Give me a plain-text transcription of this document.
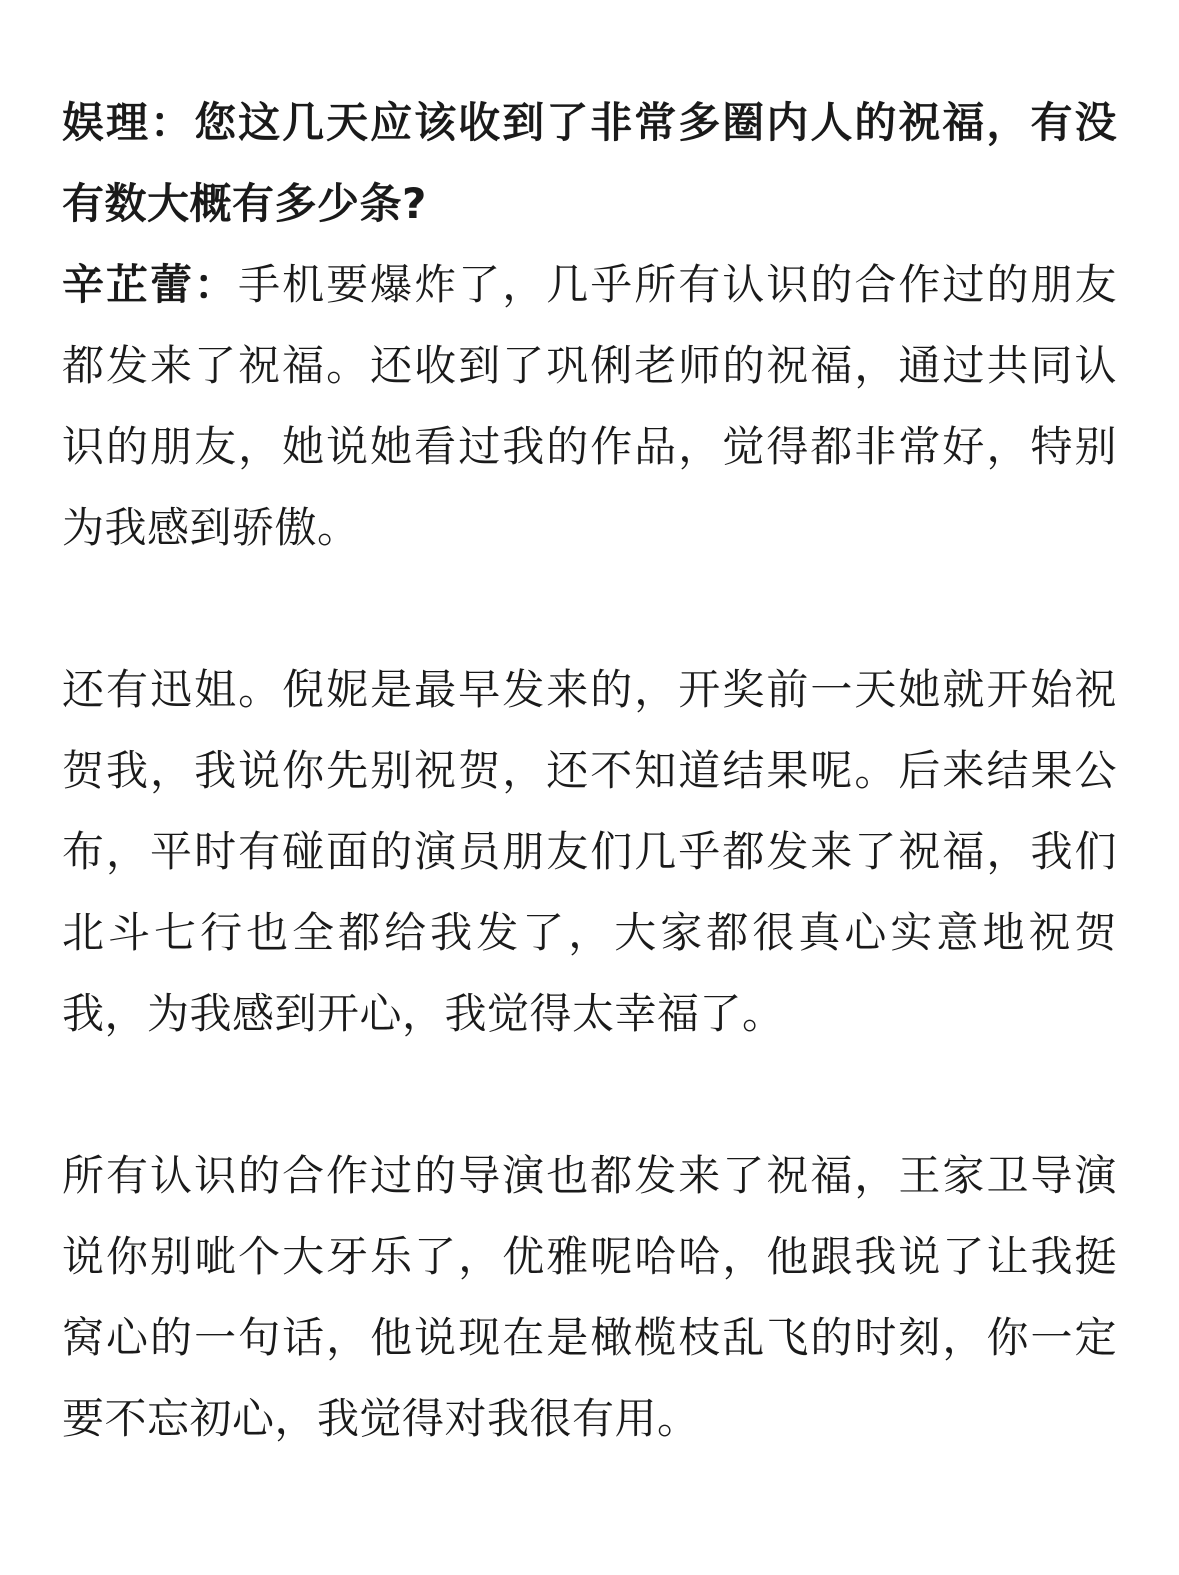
娱理：您这几天应该收到了非常多圈内人的祝福，有没有数大概有多少条?

辛芷蕾：手机要爆炸了，几乎所有认识的合作过的朋友都发来了祝福。还收到了巩俐老师的祝福，通过共同认识的朋友，她说她看过我的作品，觉得都非常好，特别为我感到骄傲。

还有迅姐。倪妮是最早发来的，开奖前一天她就开始祝贺我，我说你先别祝贺，还不知道结果呢。后来结果公布，平时有碰面的演员朋友们几乎都发来了祝福，我们北斗七行也全都给我发了，大家都很真心实意地祝贺我，为我感到开心，我觉得太幸福了。

所有认识的合作过的导演也都发来了祝福，王家卫导演说你别呲个大牙乐了，优雅呢哈哈，他跟我说了让我挺窝心的一句话，他说现在是橄榄枝乱飞的时刻，你一定要不忘初心，我觉得对我很有用。
